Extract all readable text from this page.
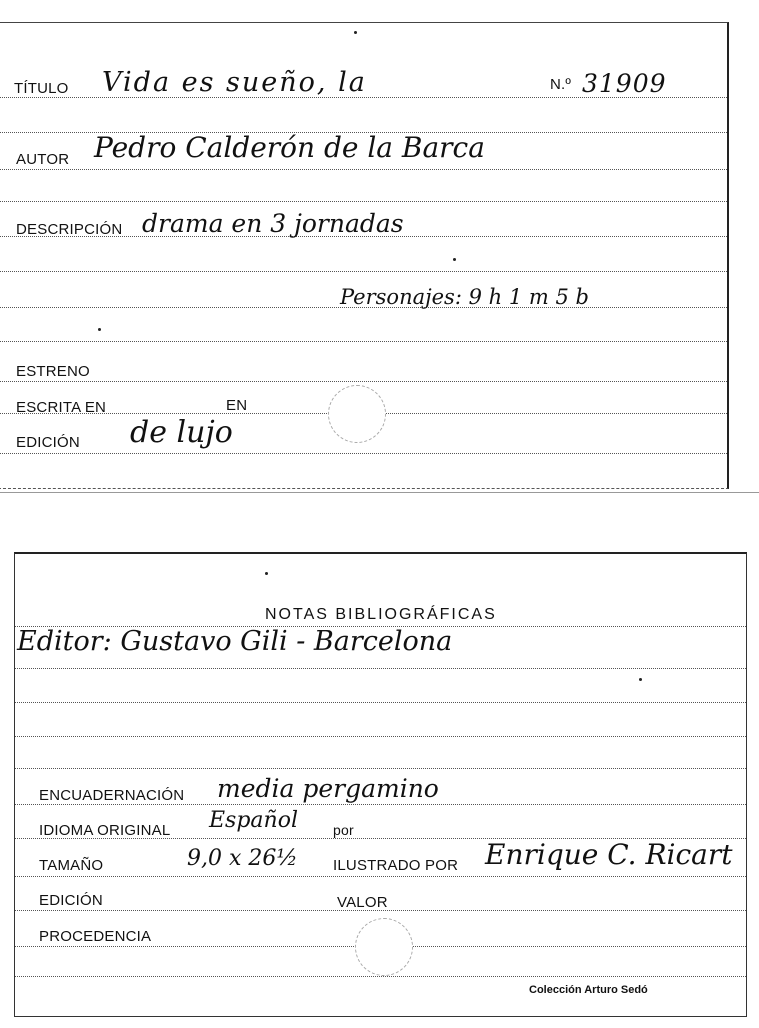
TÍTULO Vida es sueño, la	N.º 31909
AUTOR Pedro Calderón de la Barca
DESCRIPCIÓN drama en 3 jornadas
Personajes: 9 h 1 m 5 b
ESTRENO
ESCRITA EN	EN
EDICIÓN de lujo
NOTAS BIBLIOGRÁFICAS
Editor: Gustavo Gili - Barcelona
ENCUADERNACIÓN media pergamino
IDIOMA ORIGINAL Español	por
TAMAÑO	9,0 x 26½ ILUSTRADO POR Enrique C. Ricart
EDICIÓN	VALOR
PROCEDENCIA
Colección Arturo Sedó
